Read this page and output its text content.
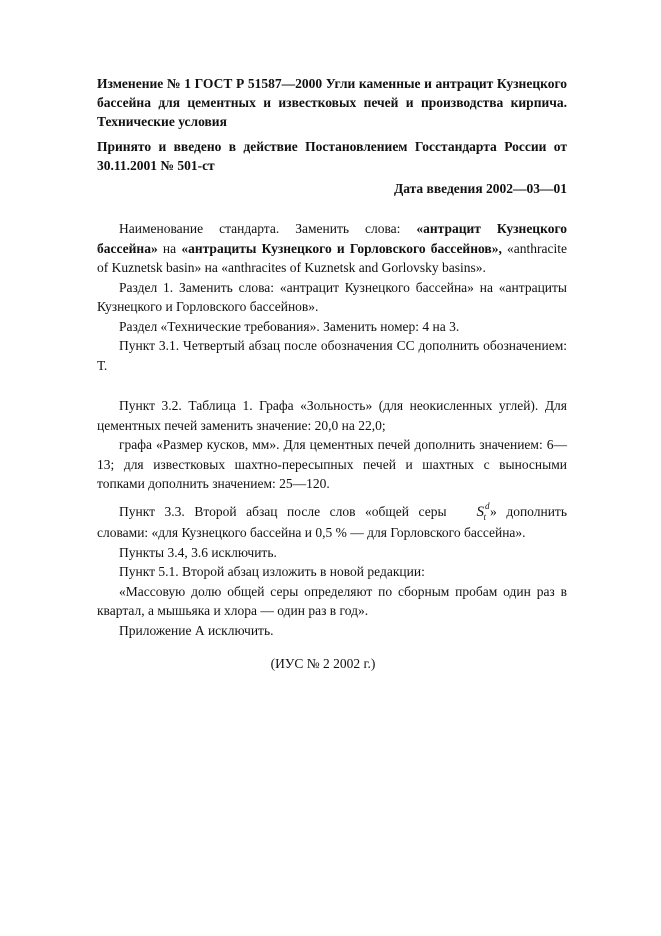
Изменение № 1 ГОСТ Р 51587—2000 Угли каменные и антрацит Кузнецкого бассейна для цементных и известковых печей и производства кирпича. Технические условия

Принято и введено в действие Постановлением Госстандарта России от 30.11.2001 № 501-ст

Дата введения 2002—03—01

Наименование стандарта. Заменить слова: «антрацит Кузнецкого бассейна» на «антрациты Кузнецкого и Горловского бассейнов», «anthracite of Kuznetsk basin» на «anthracites of Kuznetsk and Gorlovsky basins».

Раздел 1. Заменить слова: «антрацит Кузнецкого бассейна» на «антрациты Кузнецкого и Горловского бассейнов».

Раздел «Технические требования». Заменить номер: 4 на 3.

Пункт 3.1. Четвертый абзац после обозначения СС дополнить обозначением: Т.

Пункт 3.2. Таблица 1. Графа «Зольность» (для неокисленных углей). Для цементных печей заменить значение: 20,0 на 22,0;

графа «Размер кусков, мм». Для цементных печей дополнить значением: 6—13; для известковых шахтно-пересыпных печей и шахтных с выносными топками дополнить значением: 25—120.

Пункт 3.3. Второй абзац после слов «общей серы $S^d_t$ » дополнить словами: «для Кузнецкого бассейна и 0,5 % — для Горловского бассейна».

Пункты 3.4, 3.6 исключить.

Пункт 5.1. Второй абзац изложить в новой редакции:

«Массовую долю общей серы определяют по сборным пробам один раз в квартал, а мышьяка и хлора — один раз в год».

Приложение А исключить.

(ИУС № 2 2002 г.)
